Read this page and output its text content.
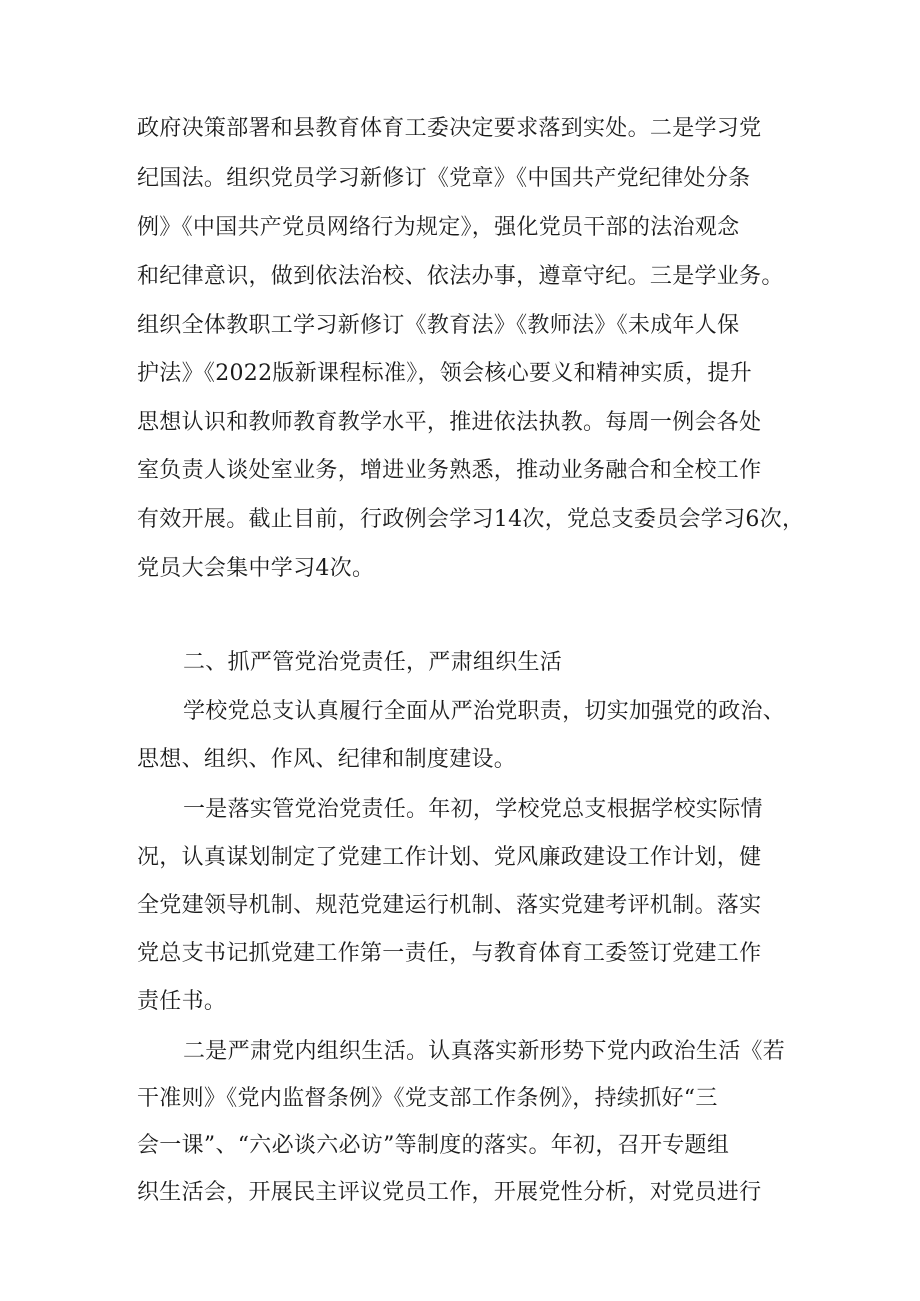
政府决策部署和县教育体育工委决定要求落到实处。二是学习党
纪国法。组织党员学习新修订《党章》《中国共产党纪律处分条
例》《中国共产党员网络行为规定》，强化党员干部的法治观念
和纪律意识，做到依法治校、依法办事，遵章守纪。三是学业务。
组织全体教职工学习新修订《教育法》《教师法》《未成年人保
护法》《2022版新课程标准》，领会核心要义和精神实质，提升
思想认识和教师教育教学水平，推进依法执教。每周一例会各处
室负责人谈处室业务，增进业务熟悉，推动业务融合和全校工作
有效开展。截止目前，行政例会学习14次，党总支委员会学习6次，
党员大会集中学习4次。
二、抓严管党治党责任，严肃组织生活
学校党总支认真履行全面从严治党职责，切实加强党的政治、
思想、组织、作风、纪律和制度建设。
一是落实管党治党责任。年初，学校党总支根据学校实际情
况，认真谋划制定了党建工作计划、党风廉政建设工作计划，健
全党建领导机制、规范党建运行机制、落实党建考评机制。落实
党总支书记抓党建工作第一责任，与教育体育工委签订党建工作
责任书。
二是严肃党内组织生活。认真落实新形势下党内政治生活《若
干准则》《党内监督条例》《党支部工作条例》，持续抓好“三
会一课”、“六必谈六必访”等制度的落实。年初，召开专题组
织生活会，开展民主评议党员工作，开展党性分析，对党员进行
